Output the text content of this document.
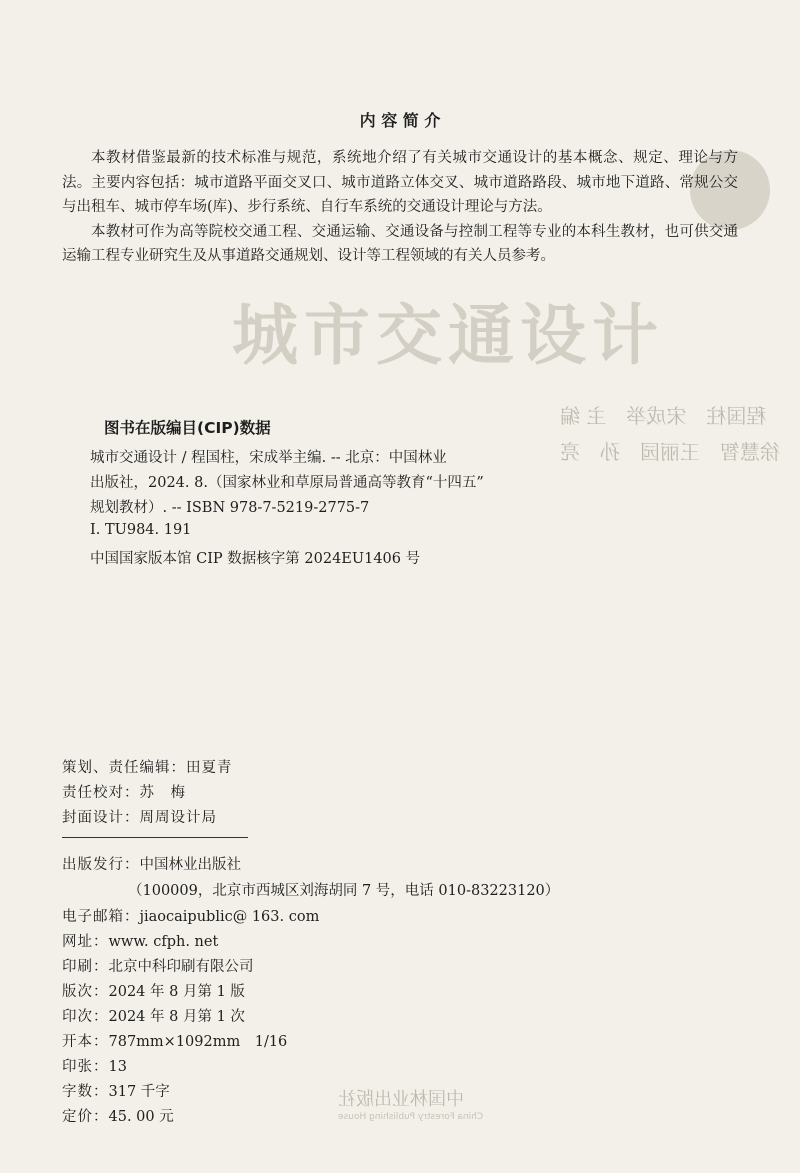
城市交通设计
程国柱　宋成举　主 编
徐慧智　王丽园　孙　亮
中国林业出版社
China Forestry Publishing House
内 容 简 介

本教材借鉴最新的技术标准与规范，系统地介绍了有关城市交通设计的基本概念、规定、理论与方法。主要内容包括：城市道路平面交叉口、城市道路立体交叉、城市道路路段、城市地下道路、常规公交与出租车、城市停车场(库)、步行系统、自行车系统的交通设计理论与方法。

本教材可作为高等院校交通工程、交通运输、交通设备与控制工程等专业的本科生教材，也可供交通运输工程专业研究生及从事道路交通规划、设计等工程领域的有关人员参考。

图书在版编目(CIP)数据
城市交通设计 / 程国柱，宋成举主编. -- 北京：中国林业
出版社，2024. 8.（国家林业和草原局普通高等教育“十四五”
规划教材）. -- ISBN 978-7-5219-2775-7
Ⅰ. TU984. 191
中国国家版本馆 CIP 数据核字第 2024EU1406 号
策划、责任编辑：田夏青
责任校对：苏　梅
封面设计：周周设计局
出版发行：中国林业出版社
（100009，北京市西城区刘海胡同 7 号，电话 010-83223120）
电子邮箱：jiaocaipublic@ 163. com
网址：www. cfph. net
印刷：北京中科印刷有限公司
版次：2024 年 8 月第 1 版
印次：2024 年 8 月第 1 次
开本：787mm×1092mm　1/16
印张：13
字数：317 千字
定价：45. 00 元
